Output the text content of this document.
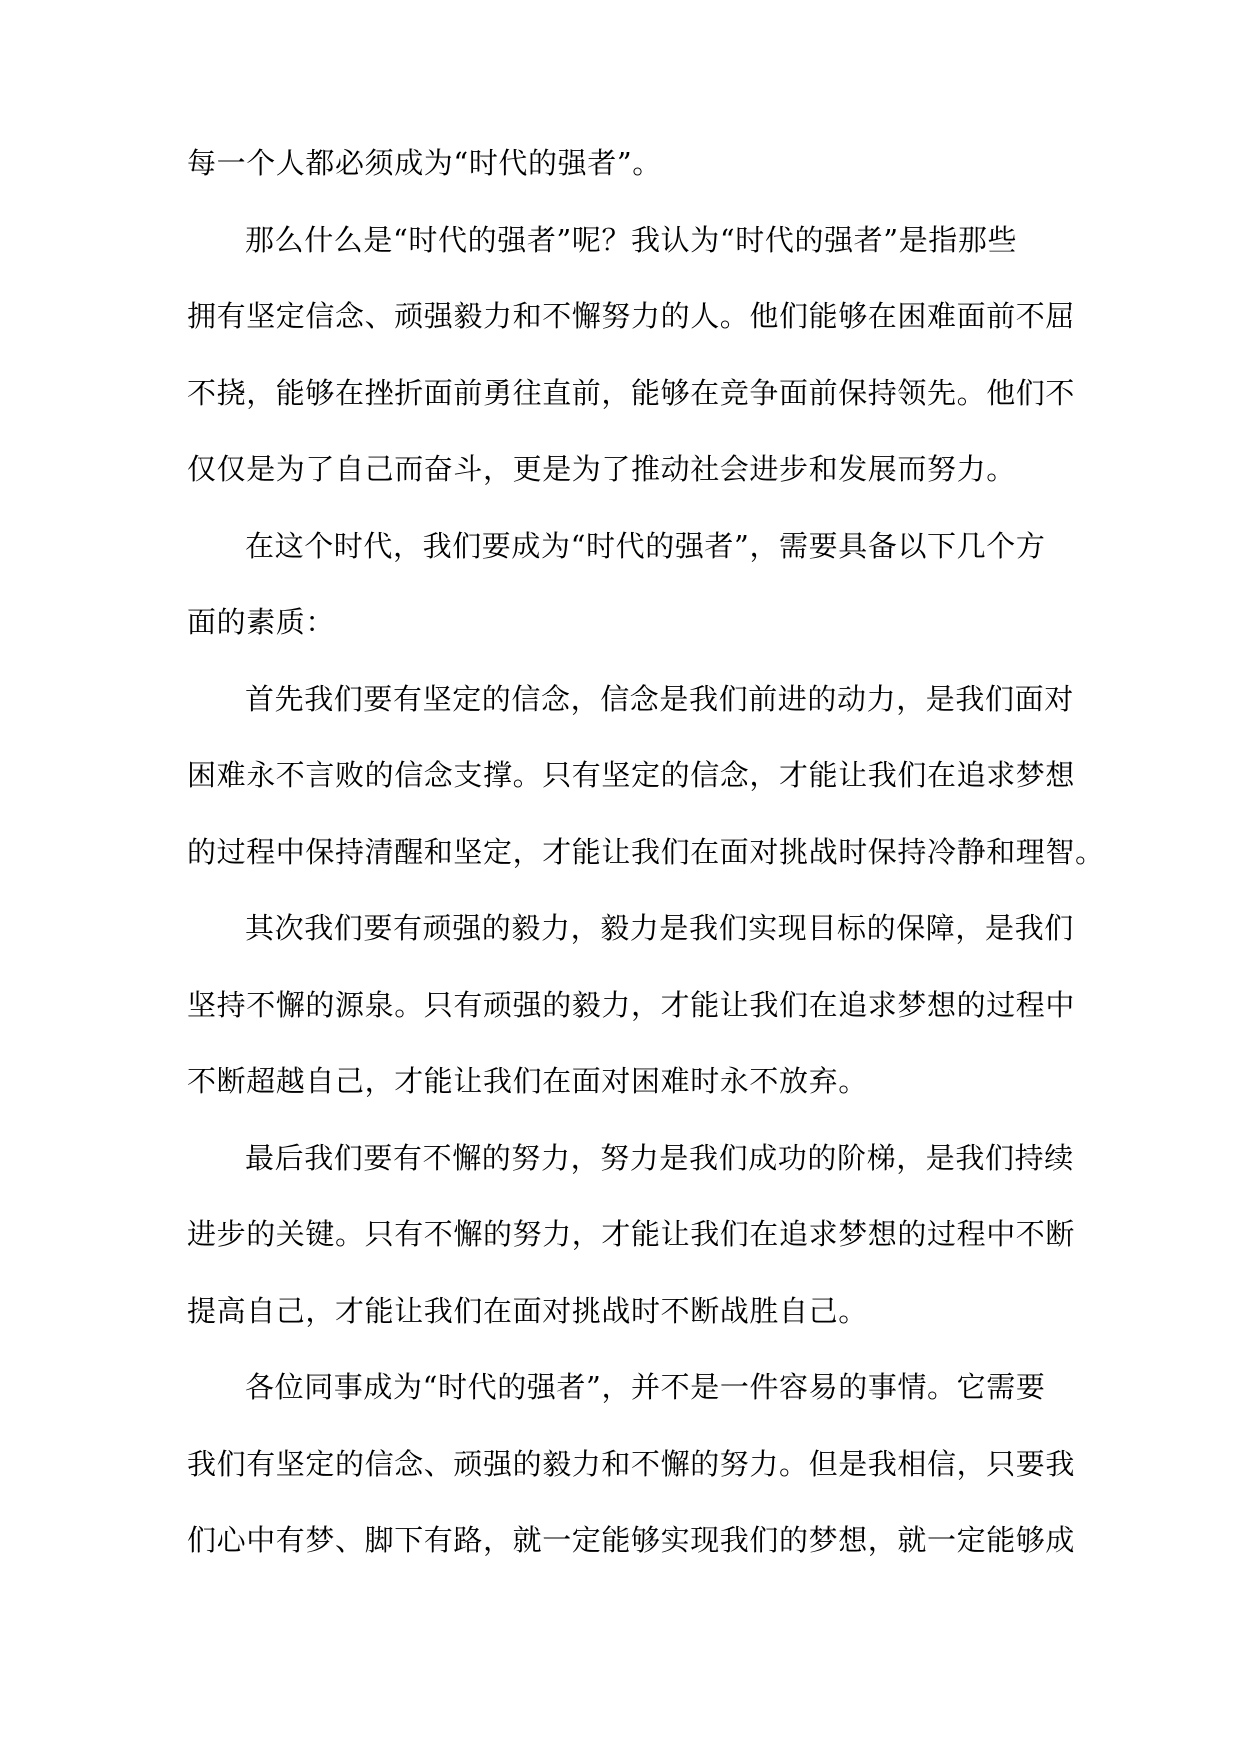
每一个人都必须成为“时代的强者”。

那么什么是“时代的强者”呢？我认为“时代的强者”是指那些

拥有坚定信念、顽强毅力和不懈努力的人。他们能够在困难面前不屈

不挠，能够在挫折面前勇往直前，能够在竞争面前保持领先。他们不

仅仅是为了自己而奋斗，更是为了推动社会进步和发展而努力。

在这个时代，我们要成为“时代的强者”，需要具备以下几个方

面的素质：

首先我们要有坚定的信念，信念是我们前进的动力，是我们面对

困难永不言败的信念支撑。只有坚定的信念，才能让我们在追求梦想

的过程中保持清醒和坚定，才能让我们在面对挑战时保持冷静和理智。

其次我们要有顽强的毅力，毅力是我们实现目标的保障，是我们

坚持不懈的源泉。只有顽强的毅力，才能让我们在追求梦想的过程中

不断超越自己，才能让我们在面对困难时永不放弃。

最后我们要有不懈的努力，努力是我们成功的阶梯，是我们持续

进步的关键。只有不懈的努力，才能让我们在追求梦想的过程中不断

提高自己，才能让我们在面对挑战时不断战胜自己。

各位同事成为“时代的强者”，并不是一件容易的事情。它需要

我们有坚定的信念、顽强的毅力和不懈的努力。但是我相信，只要我

们心中有梦、脚下有路，就一定能够实现我们的梦想，就一定能够成
